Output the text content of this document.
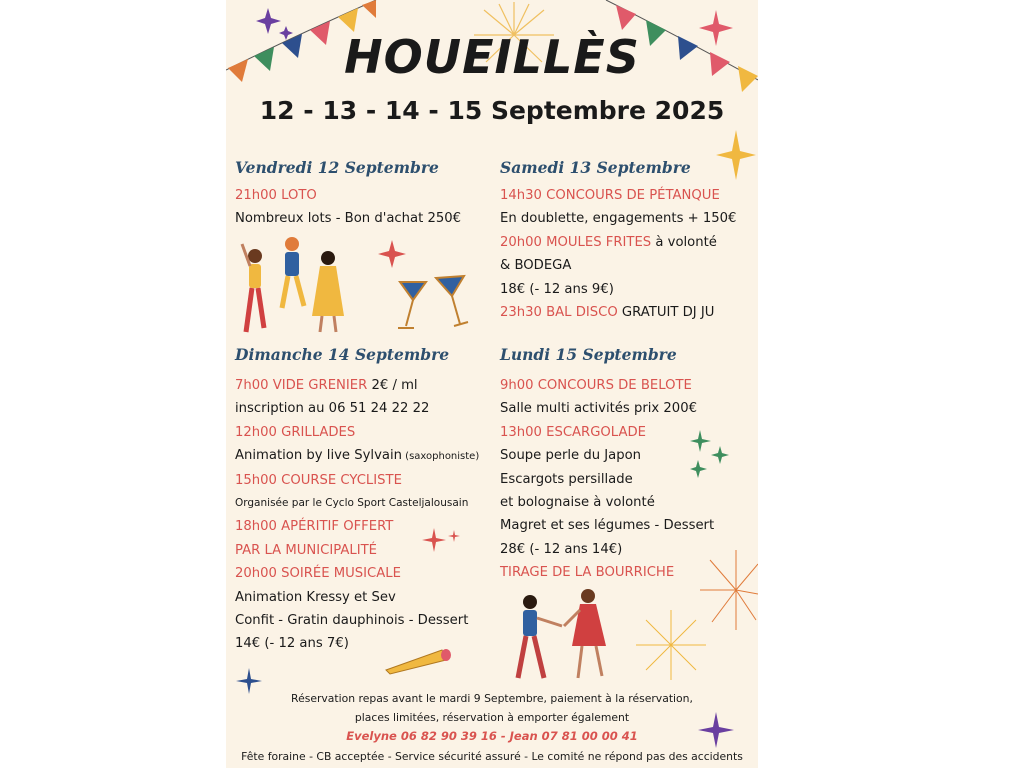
HOUEILLÈS
12 - 13 - 14 - 15 Septembre 2025
Vendredi 12 Septembre
21h00 LOTO
Nombreux lots - Bon d'achat 250€
Samedi 13 Septembre
14h30 CONCOURS DE PÉTANQUE
En doublette, engagements + 150€
20h00 MOULES FRITES à volonté
& BODEGA
18€ (- 12 ans 9€)
23h30 BAL DISCO GRATUIT DJ JU
Dimanche 14 Septembre
7h00 VIDE GRENIER 2€ / ml
inscription au 06 51 24 22 22
12h00 GRILLADES
Animation by live Sylvain (saxophoniste)
15h00 COURSE CYCLISTE
Organisée par le Cyclo Sport Casteljalousain
18h00 APÉRITIF OFFERT
PAR LA MUNICIPALITÉ
20h00 SOIRÉE MUSICALE
Animation Kressy et Sev
Confit - Gratin dauphinois - Dessert
14€ (- 12 ans 7€)
Lundi 15 Septembre
9h00 CONCOURS DE BELOTE
Salle multi activités prix 200€
13h00 ESCARGOLADE
Soupe perle du Japon
Escargots persillade
et bolognaise à volonté
Magret et ses légumes - Dessert
28€ (- 12 ans 14€)
TIRAGE DE LA BOURRICHE
Réservation repas avant le mardi 9 Septembre, paiement à la réservation,
places limitées, réservation à emporter également
Evelyne 06 82 90 39 16 - Jean 07 81 00 00 41
Fête foraine - CB acceptée - Service sécurité assuré - Le comité ne répond pas des accidents
